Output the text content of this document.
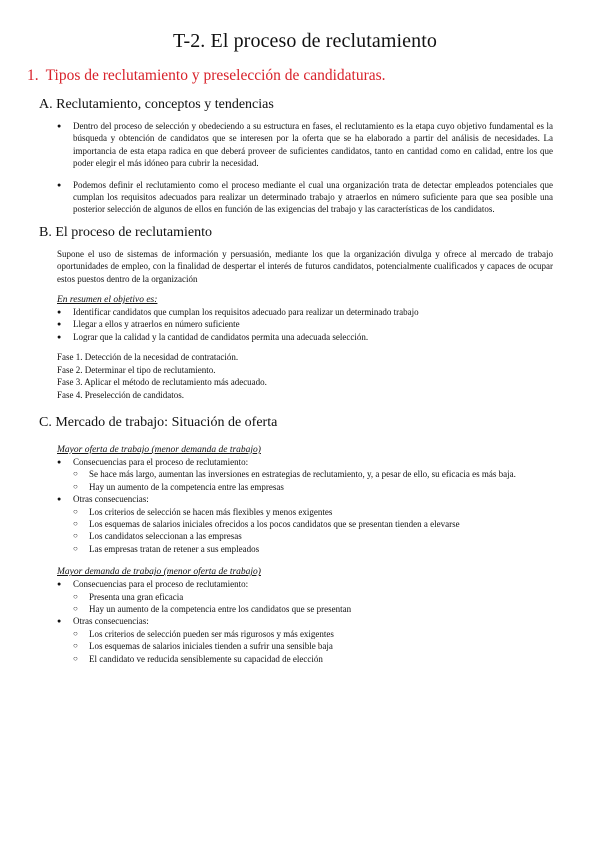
T-2. El proceso de reclutamiento
1. Tipos de reclutamiento y preselección de candidaturas.
A. Reclutamiento, conceptos y tendencias
● Dentro del proceso de selección y obedeciendo a su estructura en fases, el reclutamiento es la etapa cuyo objetivo fundamental es la búsqueda y obtención de candidatos que se interesen por la oferta que se ha elaborado a partir del análisis de necesidades. La importancia de esta etapa radica en que deberá proveer de suficientes candidatos, tanto en cantidad como en calidad, entre los que poder elegir el más idóneo para cubrir la necesidad.
● Podemos definir el reclutamiento como el proceso mediante el cual una organización trata de detectar empleados potenciales que cumplan los requisitos adecuados para realizar un determinado trabajo y atraerlos en número suficiente para que sea posible una posterior selección de algunos de ellos en función de las exigencias del trabajo y las características de los candidatos.
B. El proceso de reclutamiento

Supone el uso de sistemas de información y persuasión, mediante los que la organización divulga y ofrece al mercado de trabajo oportunidades de empleo, con la finalidad de despertar el interés de futuros candidatos, potencialmente cualificados y capaces de ocupar estos puestos dentro de la organización

En resumen el objetivo es:
● Identificar candidatos que cumplan los requisitos adecuado para realizar un determinado trabajo
● Llegar a ellos y atraerlos en número suficiente
● Lograr que la calidad y la cantidad de candidatos permita una adecuada selección.
Fase 1. Detección de la necesidad de contratación.
Fase 2. Determinar el tipo de reclutamiento.
Fase 3. Aplicar el método de reclutamiento más adecuado.
Fase 4. Preselección de candidatos.
C. Mercado de trabajo: Situación de oferta
Mayor oferta de trabajo (menor demanda de trabajo)
● Consecuencias para el proceso de reclutamiento:
○ Se hace más largo, aumentan las inversiones en estrategias de reclutamiento, y, a pesar de ello, su eficacia es más baja.
○ Hay un aumento de la competencia entre las empresas
● Otras consecuencias:
○ Los criterios de selección se hacen más flexibles y menos exigentes
○ Los esquemas de salarios iniciales ofrecidos a los pocos candidatos que se presentan tienden a elevarse
○ Los candidatos seleccionan a las empresas
○ Las empresas tratan de retener a sus empleados
Mayor demanda de trabajo (menor oferta de trabajo)
● Consecuencias para el proceso de reclutamiento:
○ Presenta una gran eficacia
○ Hay un aumento de la competencia entre los candidatos que se presentan
● Otras consecuencias:
○ Los criterios de selección pueden ser más rigurosos y más exigentes
○ Los esquemas de salarios iniciales tienden a sufrir una sensible baja
○ El candidato ve reducida sensiblemente su capacidad de elección
